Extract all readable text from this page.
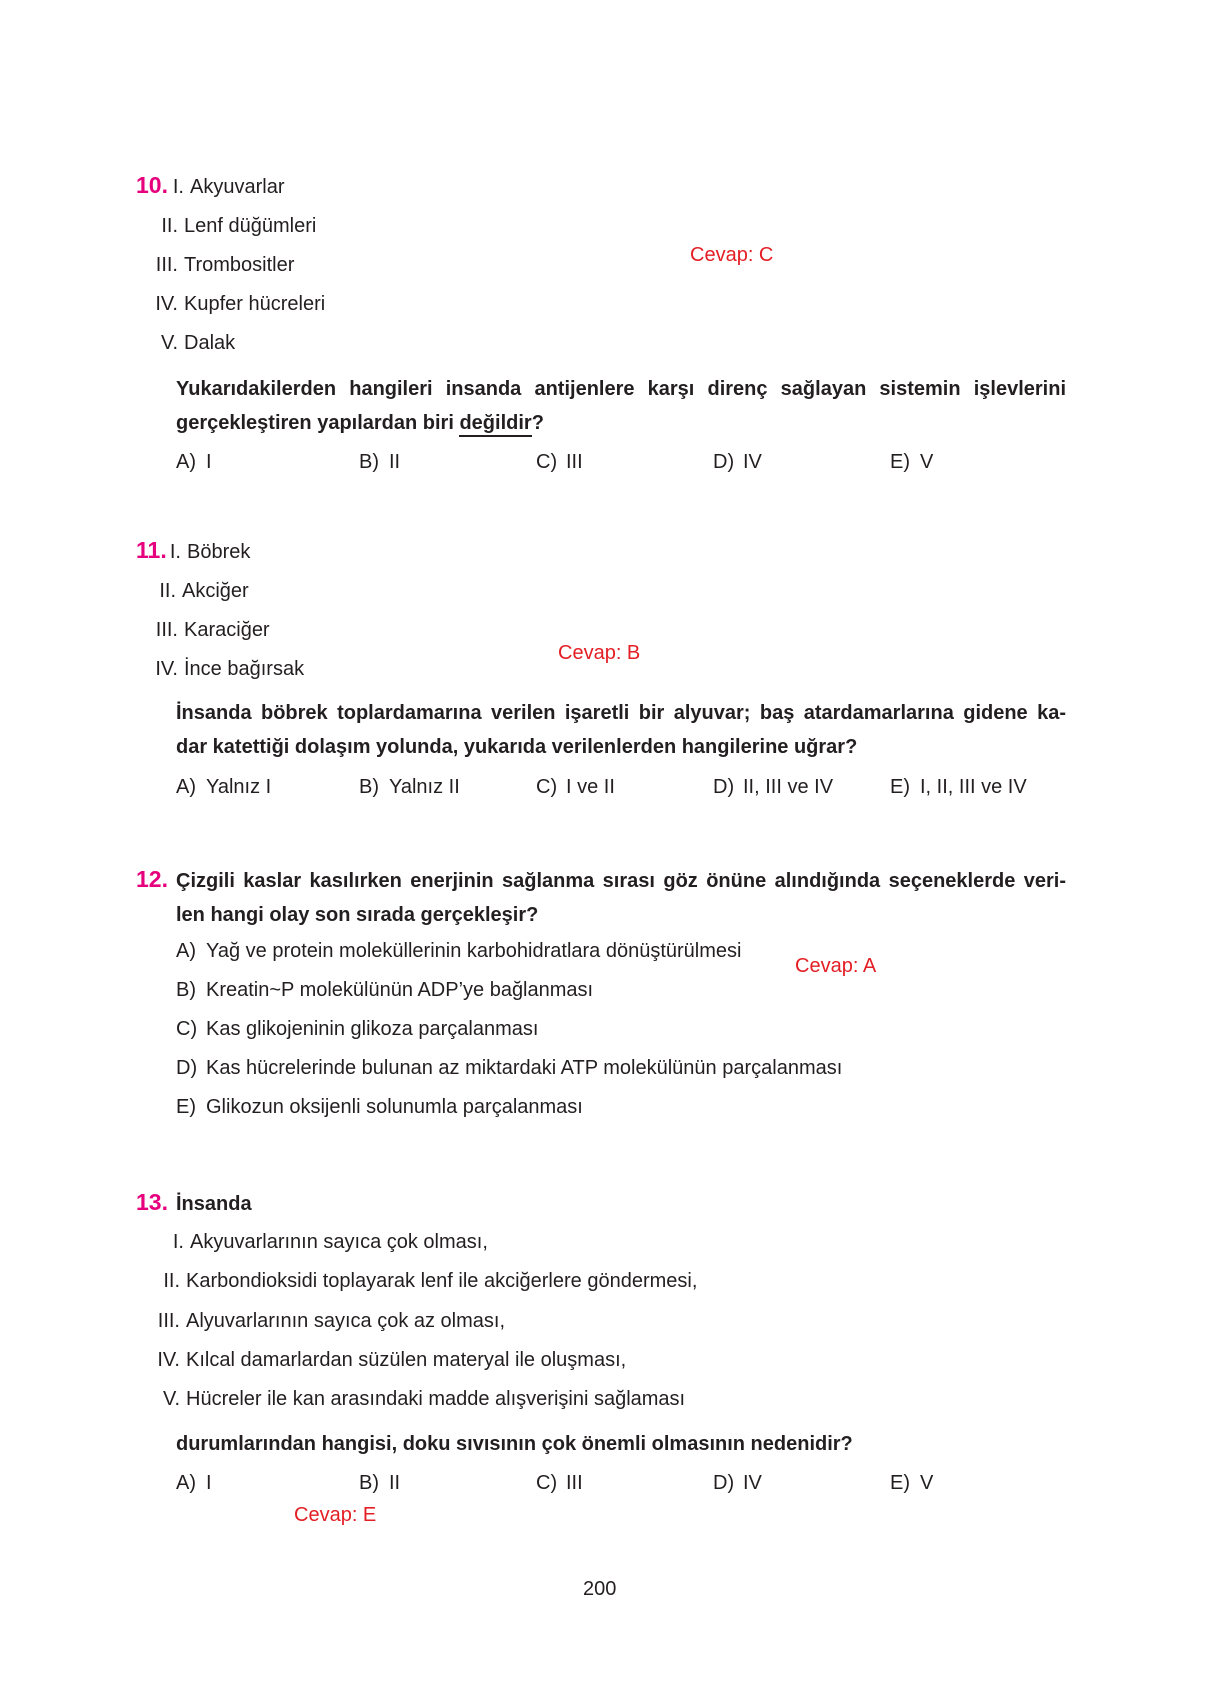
10. I. Akyuvarlar
II. Lenf düğümleri
III. Trombositler
IV. Kupfer hücreleri
V. Dalak
Cevap: C
Yukarıdakilerden hangileri insanda antijenlere karşı direnç sağlayan sistemin işlevlerini
gerçekleştiren yapılardan biri değildir?
A) I	B) II	C) III	D) IV	E) V
11. I. Böbrek
II. Akciğer
III. Karaciğer
IV. İnce bağırsak
Cevap: B
İnsanda böbrek toplardamarına verilen işaretli bir alyuvar; baş atardamarlarına gidene ka-
dar katettiği dolaşım yolunda, yukarıda verilenlerden hangilerine uğrar?
A) Yalnız I	B) Yalnız II	C) I ve II	D) II, III ve IV	E) I, II, III ve IV
12. Çizgili kaslar kasılırken enerjinin sağlanma sırası göz önüne alındığında seçeneklerde veri-
len hangi olay son sırada gerçekleşir?
A) Yağ ve protein moleküllerinin karbohidratlara dönüştürülmesi
B) Kreatin~P molekülünün ADP’ye bağlanması
C) Kas glikojeninin glikoza parçalanması
D) Kas hücrelerinde bulunan az miktardaki ATP molekülünün parçalanması
E) Glikozun oksijenli solunumla parçalanması
Cevap: A
13. İnsanda
I. Akyuvarlarının sayıca çok olması,
II. Karbondioksidi toplayarak lenf ile akciğerlere göndermesi,
III. Alyuvarlarının sayıca çok az olması,
IV. Kılcal damarlardan süzülen materyal ile oluşması,
V. Hücreler ile kan arasındaki madde alışverişini sağlaması
durumlarından hangisi, doku sıvısının çok önemli olmasının nedenidir?
A) I	B) II	C) III	D) IV	E) V
Cevap: E
200
